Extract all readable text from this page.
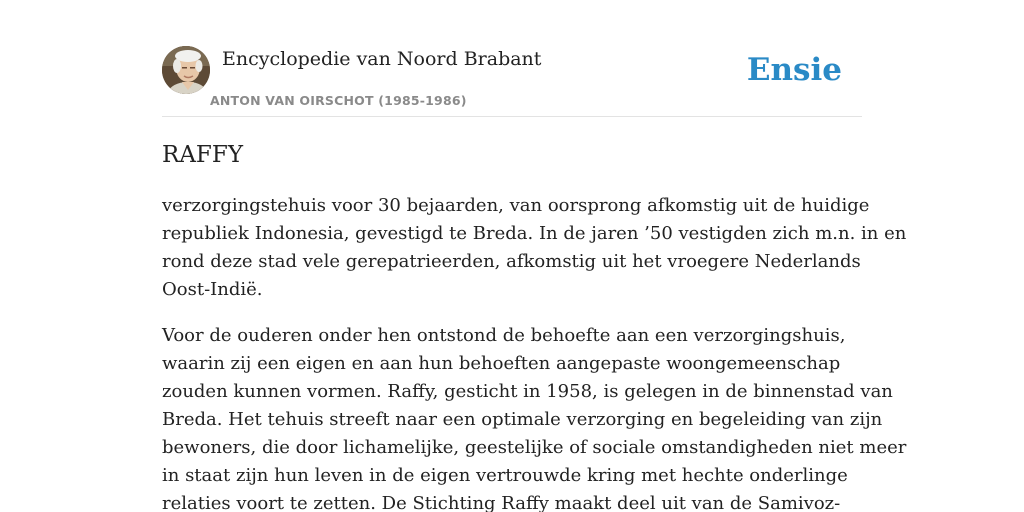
Encyclopedie van Noord Brabant
ANTON VAN OIRSCHOT (1985-1986)
Ensie
RAFFY

verzorgingstehuis voor 30 bejaarden, van oorsprong afkomstig uit de huidige
republiek Indonesia, gevestigd te Breda. In de jaren ’50 vestigden zich m.n. in en
rond deze stad vele gerepatrieerden, afkomstig uit het vroegere Nederlands
Oost-Indië.

Voor de ouderen onder hen ontstond de behoefte aan een verzorgingshuis,
waarin zij een eigen en aan hun behoeften aangepaste woongemeenschap
zouden kunnen vormen. Raffy, gesticht in 1958, is gelegen in de binnenstad van
Breda. Het tehuis streeft naar een optimale verzorging en begeleiding van zijn
bewoners, die door lichamelijke, geestelijke of sociale omstandigheden niet meer
in staat zijn hun leven in de eigen vertrouwde kring met hechte onderlinge
relaties voort te zetten. De Stichting Raffy maakt deel uit van de Samivoz-
